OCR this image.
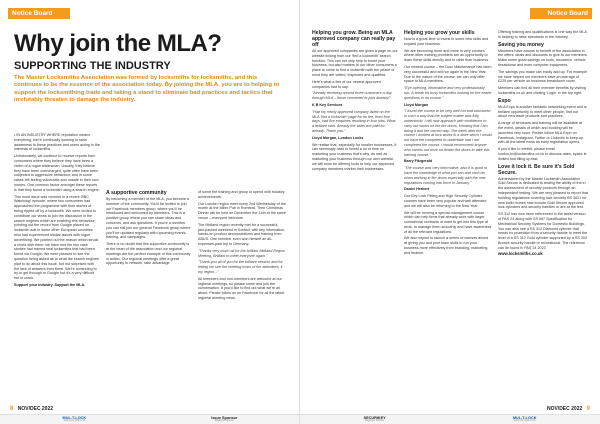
Notice Board
Why join the MLA?
SUPPORTING THE INDUSTRY
The Master Locksmiths Association was formed by locksmiths for locksmiths, and this continues to be the essence of the association today. By joining the MLA, you are to helping to support the locksmithing trade and taking a stand to eliminate bad practices and tactics that irrefutably threaten to damage the industry.

• IN AN INDUSTRY WHERE reputation means everything, we're continually working to raise awareness to these practices and users acting in the interests of locksmiths.

Unfortunately, we continue to receive reports from consumers where they believe they have been a victim of a rogue tradesman. Usually, they believe they have been overcharged, quite often have been subjected to aggressive behaviour, and in some cases left feeling vulnerable and unsafe in their own homes. One common factor amongst these reports is that they found a locksmith using a search engine.

This most issue was covered in a recent 'BBC Watchdog' episode, where two consumers had approached the programme with their stories of being ripped off by a locksmith. We were invited to contribute our views to join the discussion in the search engines which are enabling this behaviour, pointing out the record from Google placed on locksmith ads in some other European countries who had experienced similar issues with rogue advertising. We pointed out the reason which struck a chord with them: we have met the two case studies had trained seal locksmiths that had been found via Google. We were pleased to see the question being asked as to what the search engines plan to do about this issue, but not surprised with the lack of answers from them. We're continuing to try to get through to Google but it's a very difficult nut to crack.

Support your industry. Support the MLA.

A supportive community

By becoming a member of the MLA, you become a member of the community. You'll be invited to join our Facebook members group, where you'll be introduced and welcomed by members. This is a positive group where you can share ideas and concerns, and ask questions. If you're a member you can still join our general Facebook group where you'll be updated regularly with upcoming events, training, and campaigns.

There is no doubt that this supportive community is at the heart of the association and our regional meetings are the perfect example of this community in action. Our regional meetings offer a great opportunity to network, take advantage

of some fire training and group to spend with industry achievements.

Our London region meet every 2nd Wednesday of the month at the Miller Pub in Romford. Their Christmas Dinner will be held on December the 14th at the same venue – everyone welcome.

The Midland region recently met for a successful, jam-packed weekend in Solihull, with key information, hands-on product demonstrations and training from ABUS. One member even won himself an all-expenses-paid trip to Germany.

"Thanks very much all for the brilliant Midland Region Meeting, Brilliant to meet everyone again."

"Thank-you all of you for the brilliant session and for letting me see the meeting hosts of the attendees, it my region..."

All members and non-members are welcome at our regional meetings, so please come and join the conversation. If you'd like to find out what we're all about. Please follow us on Facebook for all the latest regional meeting news.

8 NOV/DEC 2022
MUL-T-LOCK
www.mul-t-lock.co.uk
Issue Sponsor
Magazine Sponsor
Notice Board

Helping you grow. Being an MLA approved company can really pay off

All our approved companies are given a page on our website linking from our 'find a locksmith' search function. This can not only help to boost your business, but also matters to our other consumers a place to come to find a locksmith with the peace of mind they are vetted, inspected and qualified.

Here's what a few of our newest approved companies had to say:

"Already receiving around three customers a day through MLA – those converted to jobs already!"

K B Key Services

"Had my newly approved company listed on the MLA 'find a locksmith' page for no fee, from four days, had five enquiries resulting in four jobs. What a brilliant start. Already the sales are paid for already. Thank you."

Lloyd Morgan, London Locks

We realise that, especially for smaller businesses, it can seemingly hard to invest a lot of time on marketing your business that's why, as well as marketing your business through our own website, we will soon be offering tools to help our approved company members market their businesses.

Helping you grow your skills

Now is a great time to invest in some new skills and expand your business.

We are becoming more and more in very courses where other training providers are an opportunity to learn these skills directly and to raise their business.

Our newest course – the Door Maintenance has been very successful and will run again in the New Year. Due to the nature of the course, we can only offer space to MLA members.

"Eye-opening, informative and very professionally run. A break for busy locksmiths looking for the easier questions in no course."

Lloyd Morgan

"I found the course to be very well run and structured in such a way that the subject matter was fully understood. I will now approach with confidence to carry out works on the fire doors, knowing that I am doing it and the correct way. The week after the course I worked at lock works in a store which I would not have felt competent to undertake had I not completed the course. I would recommend anyone who carries out work on timber fire doors to take this training course."

Barry Fitzgerald

"The course was very informative, also it is good to have the knowledge of what you can and can't do when working in fire doors especially with the new regulations coming into force in January."

Daniel Herbert

Our Key Lock Fitting and High Security Cylinder courses have been very popular and well attended and we will also be returning to the New Year.

We will be running a special management course which can help firms that already work with larger commercial contracts or want to get into this type of work, to manage them smoothly and have awareness of all the relevant regulations.

We also expect to launch a series of courses aimed at giving you and your team skills to run your business more effectively from branding, marketing, and finance.

Offering training and qualifications is one way the MLA is helping to raise standards in the industry.

Saving you money

Members have access to benefit of the association in the offers, deals and discounts to give to our members. Make some great savings on tools, insurance, vehicle breakdown and even computer equipment.

The savings you make can easily add up. For example we have helped our members save an average of £225 per vehicle on business breakdown cover.

Members can find all their member benefits by visiting locksmiths.co.uk and clicking 'Login' in the top right.

Expo

MLA Expo is another fantastic networking event and is brilliant opportunity to meet other people, find out about new trade products and practices.

A range of seminars and training will be available at the event, details of which and booking will be launched very soon. Please follow MLA Expo on Facebook, Instagram, Twitter or LinkedIn to keep up with all the latest news as early registration opens.

If you'd like to exhibit, please email london.hr@locksmiths.co.uk to discuss rates, space is limited and filling up fast.

Love it lock it. Be sure it's Sold Secure.

Administered by the Master Locksmith Association, Sold Secure is dedicated to testing the ability of the in the assessment of security products through an independent testing. We are very pleased to report that building regulations covering lock security BS 3621 for new build homes now include Sold Secure approved lock cylinders and security handles or are at the test.

SS 312 has now been referenced in the latest version of PAS 24 along with SS 087 Specification for Mechanical Security Systems for Domestic Buildings. You can also see a SS 312 Diamond cylinder that needs no protection from a security handle to meet the level of a SS 312 Gold cylinder supported by a SS 303 Bronze security handle or recreational. The reference can be found in PAS 24 2022.

www.locksmiths.co.uk

NOV/DEC 2022 9
SECURIKEY
Magazine Sponsor
MUL-T-LOCK
www.mul-t-lock.co.uk
